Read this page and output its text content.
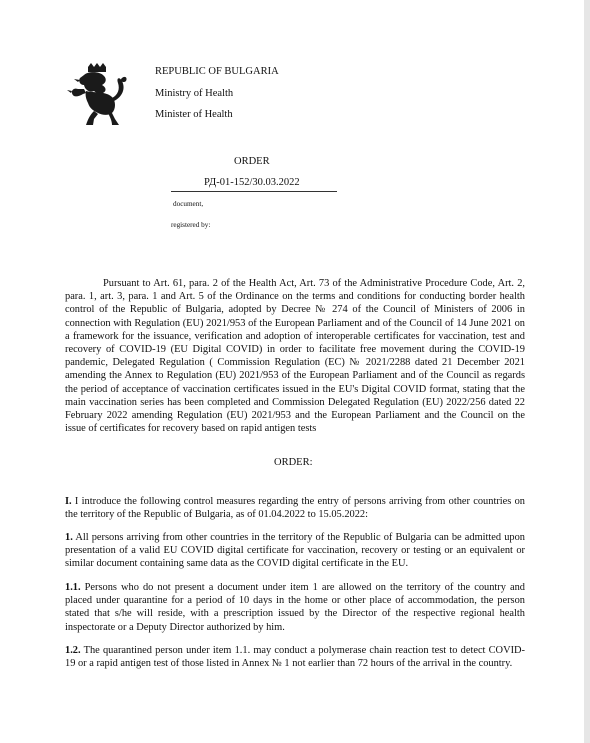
REPUBLIC OF BULGARIA
Ministry of Health
Minister of Health
ORDER
РД-01-152/30.03.2022
document,
registered by:

Pursuant to Art. 61, para. 2 of the Health Act, Art. 73 of the Administrative Procedure Code, Art. 2, para. 1, art. 3, para. 1 and Art. 5 of the Ordinance on the terms and conditions for conducting border health control of the Republic of Bulgaria, adopted by Decree № 274 of the Council of Ministers of 2006 in connection with Regulation (EU) 2021/953 of the European Parliament and of the Council of 14 June 2021 on a framework for the issuance, verification and adoption of interoperable certificates for vaccination, test and recovery of COVID-19 (EU Digital COVID) in order to facilitate free movement during the COVID-19 pandemic, Delegated Regulation ( Commission Regulation (EC) № 2021/2288 dated 21 December 2021 amending the Annex to Regulation (EU) 2021/953 of the European Parliament and of the Council as regards the period of acceptance of vaccination certificates issued in the EU's Digital COVID format, stating that the main vaccination series has been completed and Commission Delegated Regulation (EU) 2022/256 dated 22 February 2022 amending Regulation (EU) 2021/953 and the European Parliament and the Council on the issue of certificates for recovery based on rapid antigen tests

ORDER:

I. I introduce the following control measures regarding the entry of persons arriving from other countries on the territory of the Republic of Bulgaria, as of 01.04.2022 to 15.05.2022:

1. All persons arriving from other countries in the territory of the Republic of Bulgaria can be admitted upon presentation of a valid EU COVID digital certificate for vaccination, recovery or testing or an equivalent or similar document containing same data as the COVID digital certificate in the EU.

1.1. Persons who do not present a document under item 1 are allowed on the territory of the country and placed under quarantine for a period of 10 days in the home or other place of accommodation, the person stated that s/he will reside, with a prescription issued by the Director of the respective regional health inspectorate or a Deputy Director authorized by him.

1.2. The quarantined person under item 1.1. may conduct a polymerase chain reaction test to detect COVID-19 or a rapid antigen test of those listed in Annex № 1 not earlier than 72 hours of the arrival in the country.
